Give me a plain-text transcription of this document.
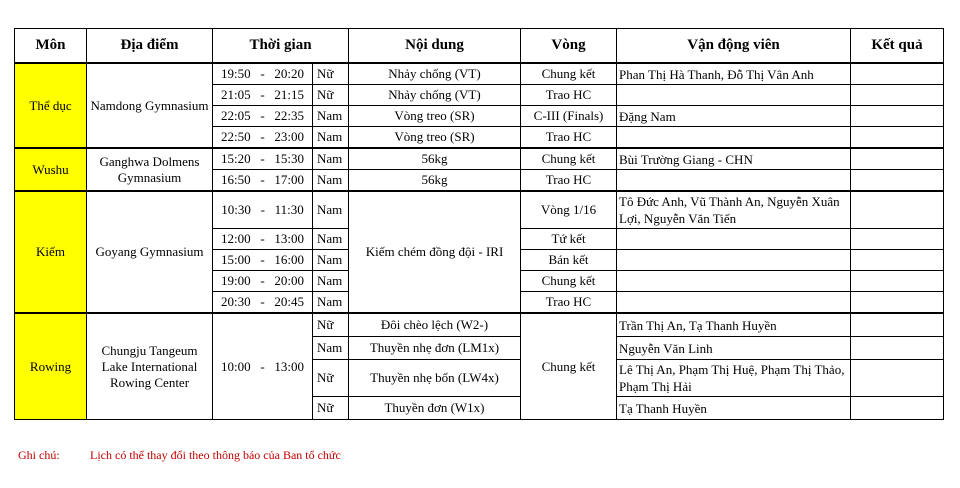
Môn	Địa điểm	Thời gian		Nội dung	Vòng	Vận động viên	Kết quả
Thể dục	Namdong Gymnasium	19:50   -   20:20	Nữ	Nhảy chống (VT)	Chung kết	Phan Thị Hà Thanh, Đỗ Thị Vân Anh	
		21:05   -   21:15	Nữ	Nhảy chống (VT)	Trao HC		
		22:05   -   22:35	Nam	Vòng treo (SR)	C-III (Finals)	Đặng Nam	
		22:50   -   23:00	Nam	Vòng treo (SR)	Trao HC		
Wushu	Ganghwa Dolmens Gymnasium	15:20   -   15:30	Nam	56kg	Chung kết	Bùi Trường Giang - CHN	
		16:50   -   17:00	Nam	56kg	Trao HC		
Kiếm	Goyang Gymnasium	10:30   -   11:30	Nam	Kiếm chém đồng đội - IRI	Vòng 1/16	Tô Đức Anh, Vũ Thành An, Nguyễn Xuân Lợi, Nguyễn Văn Tiến	
		12:00   -   13:00	Nam		Tứ kết		
		15:00   -   16:00	Nam		Bán kết		
		19:00   -   20:00	Nam		Chung kết		
		20:30   -   20:45	Nam		Trao HC		
Rowing	Chungju Tangeum Lake International Rowing Center	10:00   -   13:00	Nữ	Đôi chèo lệch (W2-)	Chung kết	Trần Thị An, Tạ Thanh Huyền	
			Nam	Thuyền nhẹ đơn (LM1x)		Nguyễn Văn Linh	
			Nữ	Thuyền nhẹ bốn (LW4x)		Lê Thị An, Phạm Thị Huệ, Phạm Thị Thảo, Phạm Thị Hải	
			Nữ	Thuyền đơn (W1x)		Tạ Thanh Huyền	
Ghi chú:	Lịch có thể thay đổi theo thông báo của Ban tổ chức
